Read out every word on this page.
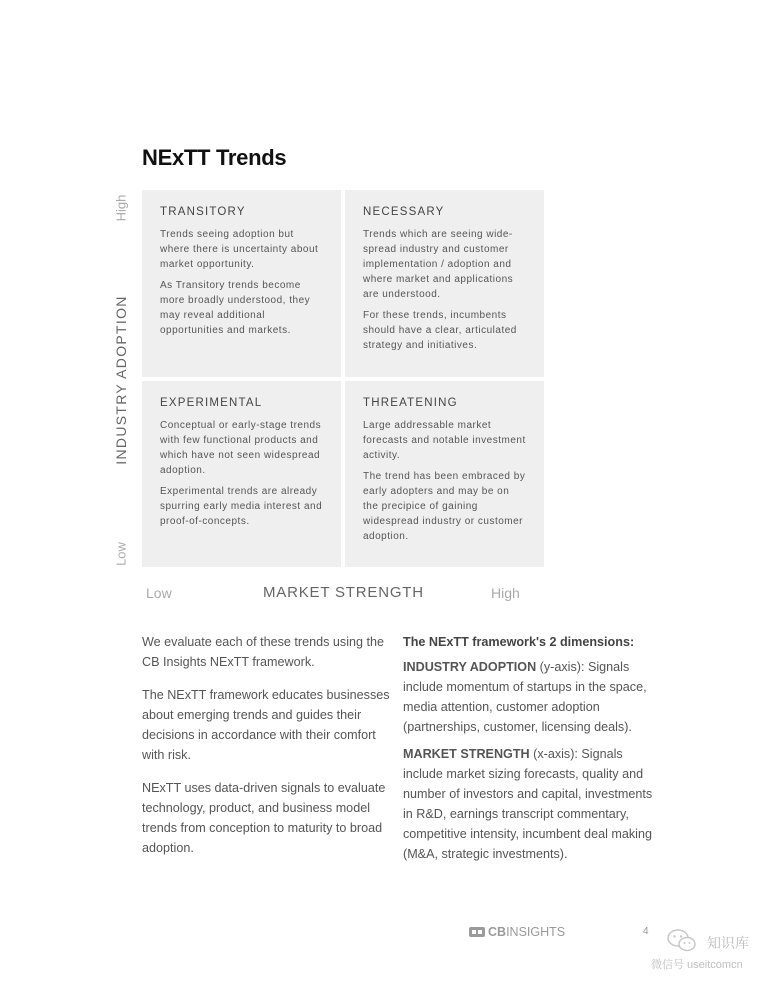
NExTT Trends
High
INDUSTRY ADOPTION
Low
TRANSITORY

Trends seeing adoption but where there is uncertainty about market opportunity.

As Transitory trends become more broadly understood, they may reveal additional opportunities and markets.

NECESSARY

Trends which are seeing wide-spread industry and customer implementation / adoption and where market and applications are understood.

For these trends, incumbents should have a clear, articulated strategy and initiatives.

EXPERIMENTAL

Conceptual or early-stage trends with few functional products and which have not seen widespread adoption.

Experimental trends are already spurring early media interest and proof-of-concepts.

THREATENING

Large addressable market forecasts and notable investment activity.

The trend has been embraced by early adopters and may be on the precipice of gaining widespread industry or customer adoption.

Low	MARKET STRENGTH	High

We evaluate each of these trends using the CB Insights NExTT framework.

The NExTT framework educates businesses about emerging trends and guides their decisions in accordance with their comfort with risk.

NExTT uses data-driven signals to evaluate technology, product, and business model trends from conception to maturity to broad adoption.

The NExTT framework's 2 dimensions:

INDUSTRY ADOPTION (y-axis): Signals include momentum of startups in the space, media attention, customer adoption (partnerships, customer, licensing deals).

MARKET STRENGTH (x-axis): Signals include market sizing forecasts, quality and number of investors and capital, investments in R&D, earnings transcript commentary, competitive intensity, incumbent deal making (M&A, strategic investments).

CBINSIGHTS	4
知识库
微信号 useitcomcn
